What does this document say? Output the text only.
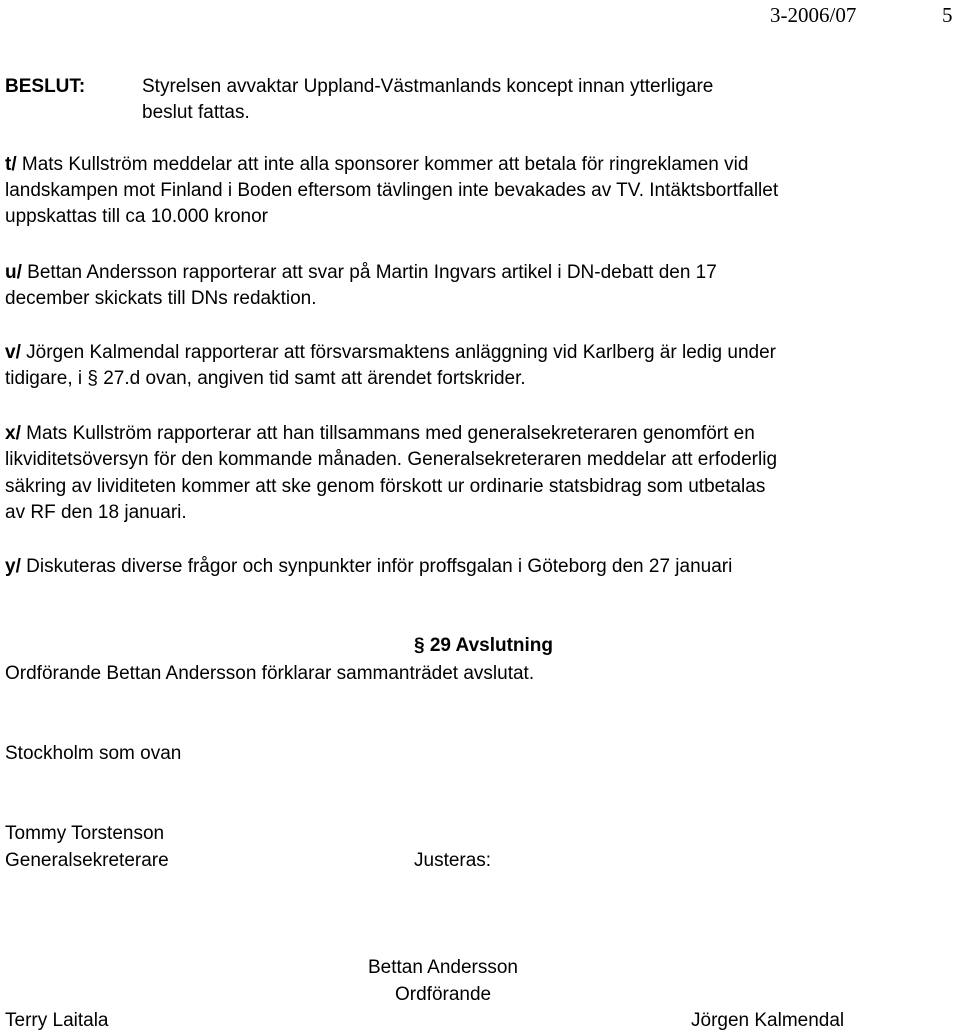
3-2006/07	5
BESLUT:	Styrelsen avvaktar Uppland-Västmanlands koncept innan ytterligare
beslut fattas.
t/ Mats Kullström meddelar att inte alla sponsorer kommer att betala för ringreklamen vid
landskampen mot Finland i Boden eftersom tävlingen inte bevakades av TV. Intäktsbortfallet
uppskattas till ca 10.000 kronor
u/ Bettan Andersson rapporterar att svar på Martin Ingvars artikel i DN-debatt den 17
december skickats till DNs redaktion.
v/ Jörgen Kalmendal rapporterar att försvarsmaktens anläggning vid Karlberg är ledig under
tidigare, i § 27.d ovan, angiven tid samt att ärendet fortskrider.
x/ Mats Kullström rapporterar att han tillsammans med generalsekreteraren genomfört en
likviditetsöversyn för den kommande månaden. Generalsekreteraren meddelar att erfoderlig
säkring av lividiteten kommer att ske genom förskott ur ordinarie statsbidrag som utbetalas
av RF den 18 januari.
y/ Diskuteras diverse frågor och synpunkter inför proffsgalan i Göteborg den 27 januari
§ 29 Avslutning
Ordförande Bettan Andersson förklarar sammanträdet avslutat.
Stockholm som ovan
Tommy Torstenson
Generalsekreterare	Justeras:
Bettan Andersson
Ordförande
Terry Laitala	Jörgen Kalmendal
